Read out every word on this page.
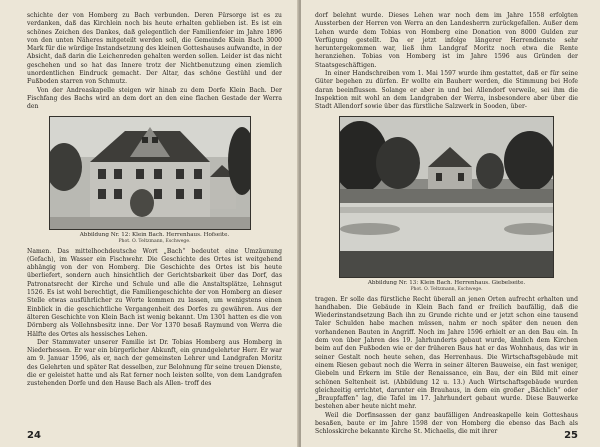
schichte der von Homberg zu Bach verbunden. Deren Fürsorge ist es zu verdanken, daß das Kirchlein noch bis heute erhalten geblieben ist. Es ist ein schönes Zeichen des Dankes, daß gelegentlich der Familienfeier im Jahre 1896 von den unten Näheres mitgeteilt werden soll, die Gemeinde Klein Bach 3000 Mark für die würdige Instandsetzung des kleinen Gotteshauses aufwandte, in der Absicht, daß darin die Leichenreden gehalten werden sollen. Leider ist das nicht geschehen und so hat das Innere trotz der Nichtbenutzung einen ziemlich unordentlichen Eindruck gemacht. Der Altar, das schöne Gestühl und der Fußboden starren von Schmutz.

Von der Andreaskapelle steigen wir hinab zu dem Dorfe Klein Bach. Der Fischfang des Bachs wird an dem dort an den eine flachen Gestade der Werra den

Abbildung Nr. 12: Klein Bach. Herrenhaus. Hofseite.
Phot. O. Teltzmann, Eschwege.

Namen. Das mittelhochdeutsche Wort „Bach“ bedeutet eine Umzäunung (Gefach), im Wasser ein Fischwehr. Die Geschichte des Ortes ist weitgehend abhängig von der von Homberg. Die Geschichte des Ortes ist bis heute überliefert, sondern auch hinsichtlich der Gerichtsbarkeit über das Dorf, das Patronatsrecht der Kirche und Schule und alle die Anstaltsplätze, Lehnsgut 1526. Es ist wohl berechtigt, die Familiengeschichte der von Homberg an dieser Stelle etwas ausführlicher zu Worte kommen zu lassen, um wenigstens einen Einblick in die geschichtliche Vergangenheit des Dorfes zu gewähren. Aus der älteren Geschichte von Klein Bach ist wenig bekannt. Um 1301 hatten es die von Dörnberg als Vollehnsbesitz inne. Der Vor 1370 besaß Raymund von Werra die Hälfte des Ortes als hessisches Lehen.

Der Stammvater unserer Familie ist Dr. Tobias Homberg aus Homberg in Niederhessen. Er war ein bürgerlicher Abkunft, ein grundgelehrter Herr. Er war am 9. Januar 1596, als er, nach der gemeinsten Lehrer und Landgrafen Moritz des Gelehrten und später Rat desselben, zur Belohnung für seine treuen Dienste, die er geleistet hatte und als Rat ferner noch leisten sollte, von dem Landgrafen zustehenden Dorfe und den Hause Bach als Allen- troff des

24

dorf belehnt wurde. Dieses Lehen war noch dem im Jahre 1558 erfolgten Aussterben der Herren von Werra an den Landesherrn zurückgefallen. Außer dem Lehen wurde dem Tobias von Homberg eine Donation von 8000 Gulden zur Verfügung gestellt. Da er jetzt infolge längerer Herrendienste sehr heruntergekommen war, ließ ihm Landgraf Moritz noch etwa die Rente heranziehen. Tobias von Homberg ist im Jahre 1596 aus Gründen der Staatsgeschäftigen.

In einer Handschreiben vom 1. Mai 1597 wurde ihm gestattet, daß er für seine Güter begehen zu dürfen. Er wollte ein Bauherr werden, die Stimmung bei Hofe daran beeinflussen. Solange er aber in und bei Allendorf verweile, sei ihm die Inspektion mit wohl an dem Landgraben der Werra, insbesondere aber über die Stadt Allendorf sowie über das fürstliche Salzwerk in Sooden, über-

Abbildung Nr. 13: Klein Bach. Herrenhaus. Giebelseite.
Phot. O. Teltzmann, Eschwege.

tragen. Er solle das fürstliche Recht überall an jenen Orten aufrecht erhalten und handhaben. Die Gebäude in Klein Bach fand er freilich baufällig, daß die Wiederinstandsetzung Bach ihn zu Grunde richte und er jetzt schon eine tausend Taler Schulden habe machen müssen, nahm er noch später den neuen den vorhandenen Bauten in Angriff. Noch im Jahre 1596 erhielt er an den Bau ein. In dem von über Jahren des 19. Jahrhunderts gebaut wurde, ähnlich dem Kirchen beim auf den Fußboden wie er der früheren Baus hat er das Wohnhaus, das wir in seiner Gestalt noch heute sehen, das Herrenhaus. Die Wirtschaftsgebäude mit einem Riesen gebaut noch die Werra in seiner älteren Bauweise, ein fast weniger, Giebeln und Erkern im Stile der Renaissance, ein Bau, der ein Bild mit einer schönen Seltenheit ist. (Abbildung 12 u. 13.) Auch Wirtschaftsgebäude wurden gleichzeitig errichtet, darunter ein Brauhaus, in dem ein großer „Bächlich“ oder „Braupfaffen“ lag, die Tafel im 17. Jahrhundert gebaut wurde. Diese Bauwerke bestehen aber heute nicht mehr.

Weil die Dorfinsassen der ganz baufälligen Andreaskapelle kein Gotteshaus besaßen, baute er im Jahre 1598 der von Homberg die ebenso das Bach als Schlosskirche bekannte Kirche St. Michaelis, die mit ihrer	25
